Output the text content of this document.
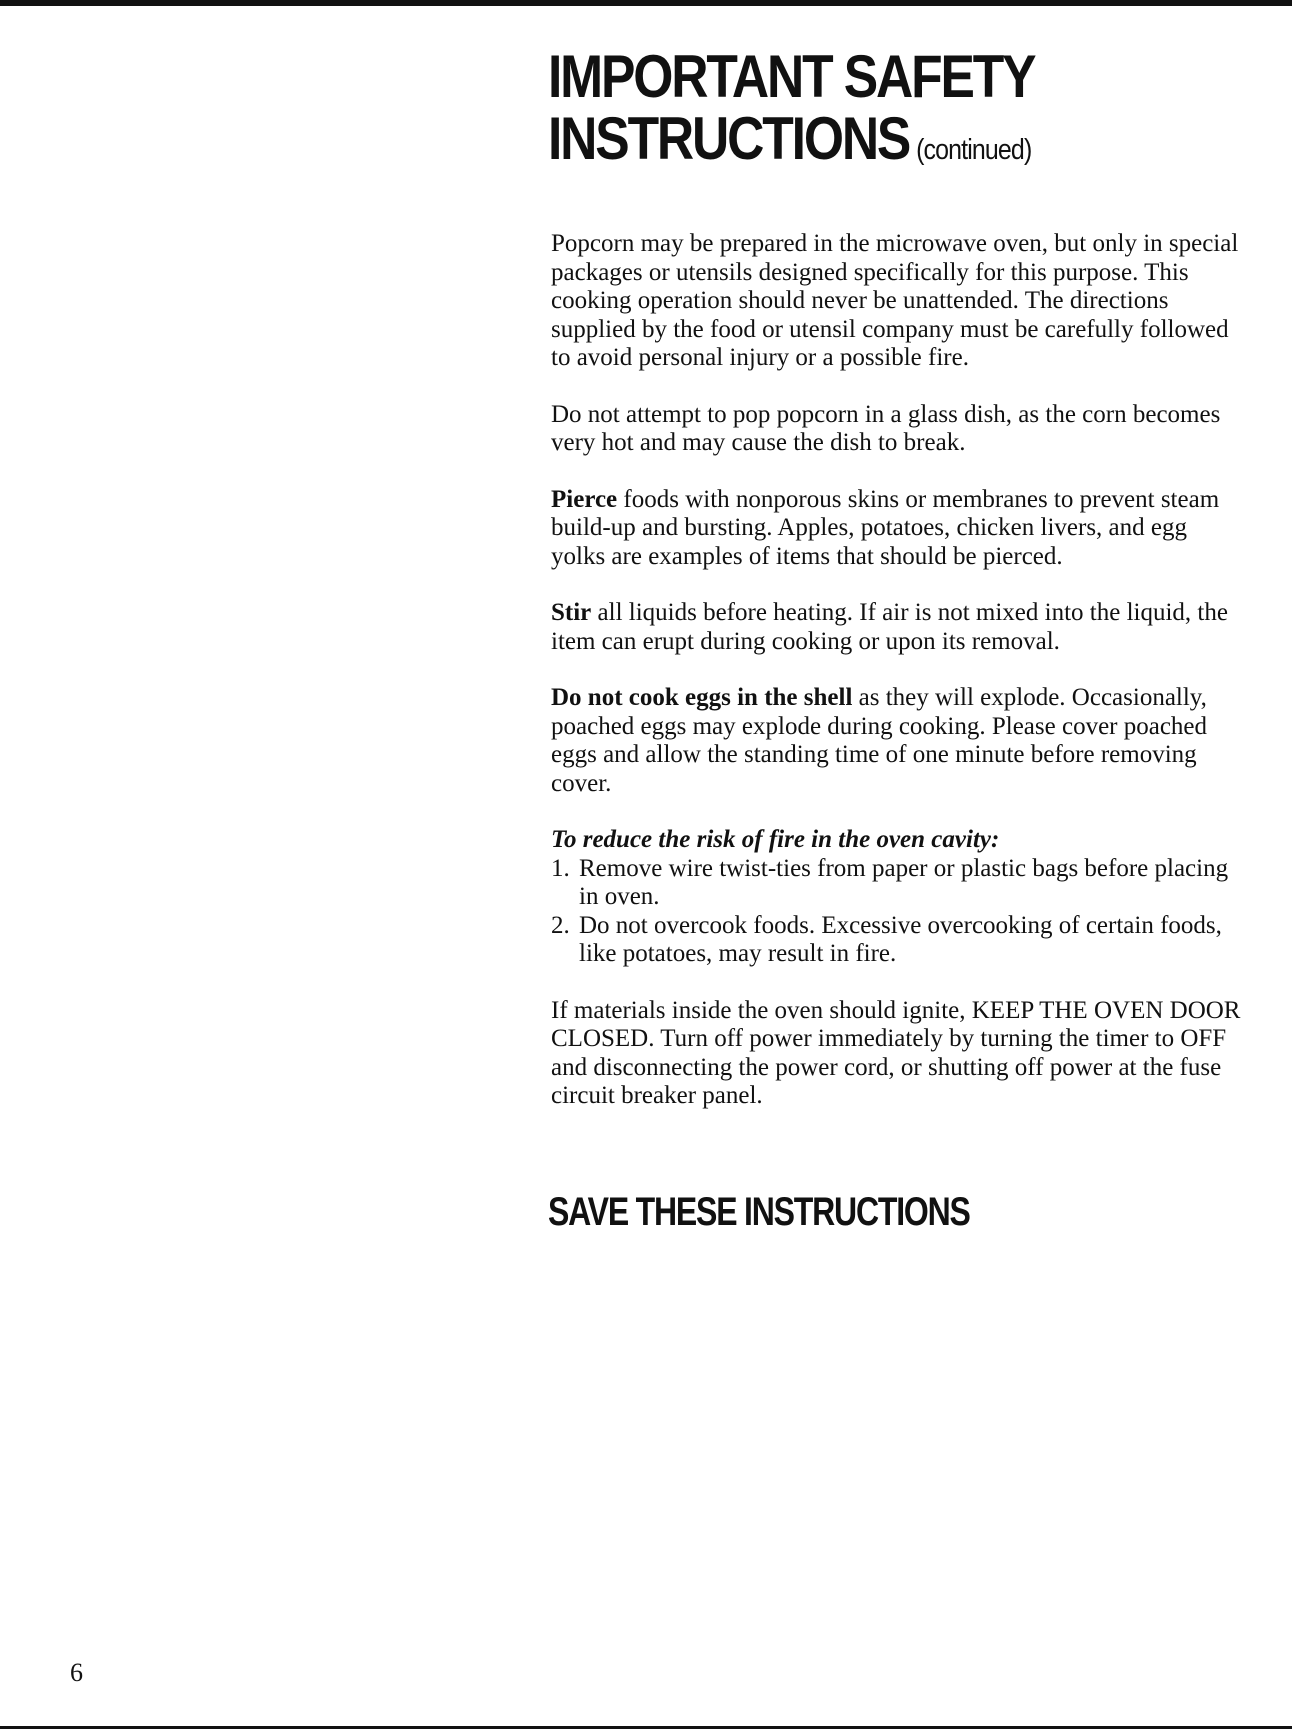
IMPORTANT SAFETY
INSTRUCTIONS (continued)

Popcorn may be prepared in the microwave oven, but only in special packages or utensils designed specifically for this purpose. This cooking operation should never be unattended. The directions supplied by the food or utensil company must be carefully followed to avoid personal injury or a possible fire.

Do not attempt to pop popcorn in a glass dish, as the corn becomes very hot and may cause the dish to break.

Pierce foods with nonporous skins or membranes to prevent steam build-up and bursting. Apples, potatoes, chicken livers, and egg yolks are examples of items that should be pierced.

Stir all liquids before heating. If air is not mixed into the liquid, the item can erupt during cooking or upon its removal.

Do not cook eggs in the shell as they will explode. Occasionally, poached eggs may explode during cooking. Please cover poached eggs and allow the standing time of one minute before removing cover.

To reduce the risk of fire in the oven cavity:

1. Remove wire twist-ties from paper or plastic bags before placing in oven.
2. Do not overcook foods. Excessive overcooking of certain foods, like potatoes, may result in fire.

If materials inside the oven should ignite, KEEP THE OVEN DOOR CLOSED. Turn off power immediately by turning the timer to OFF and disconnecting the power cord, or shutting off power at the fuse circuit breaker panel.

SAVE THESE INSTRUCTIONS
6
